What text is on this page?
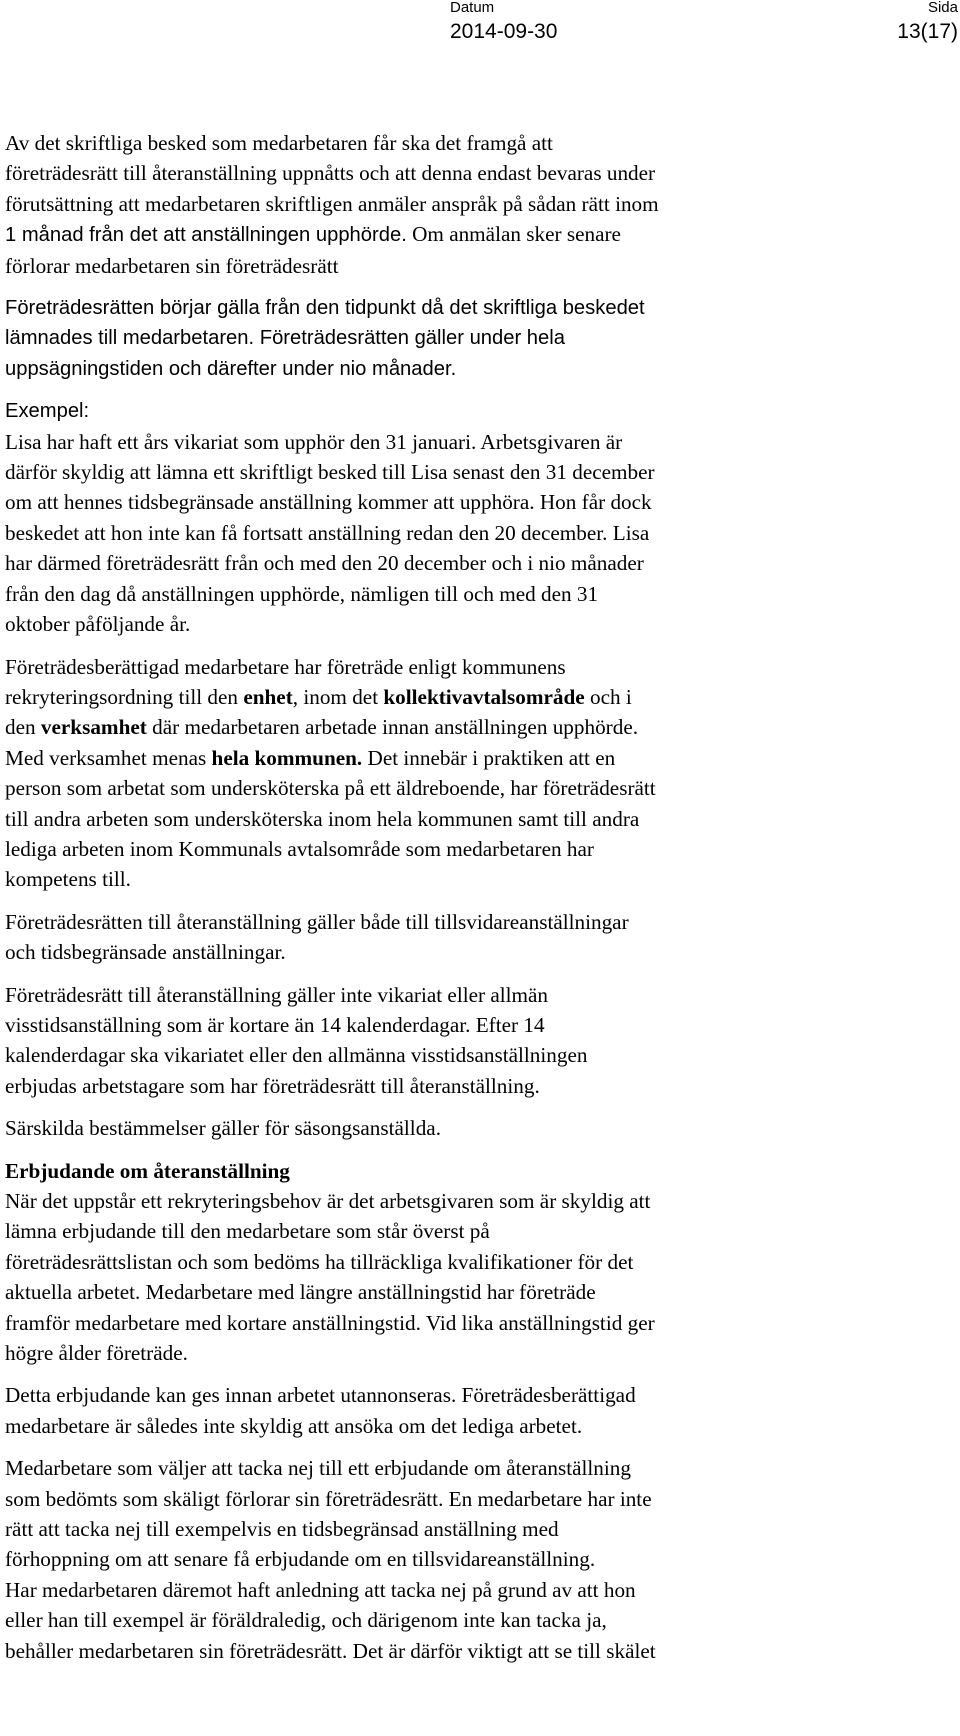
Datum
2014-09-30
Sida
13(17)
Av det skriftliga besked som medarbetaren får ska det framgå att
företrädesrätt till återanställning uppnåtts och att denna endast bevaras under
förutsättning att medarbetaren skriftligen anmäler anspråk på sådan rätt inom
1 månad från det att anställningen upphörde. Om anmälan sker senare
förlorar medarbetaren sin företrädesrätt
Företrädesrätten börjar gälla från den tidpunkt då det skriftliga beskedet
lämnades till medarbetaren. Företrädesrätten gäller under hela
uppsägningstiden och därefter under nio månader.
Exempel:
Lisa har haft ett års vikariat som upphör den 31 januari. Arbetsgivaren är
därför skyldig att lämna ett skriftligt besked till Lisa senast den 31 december
om att hennes tidsbegränsade anställning kommer att upphöra. Hon får dock
beskedet att hon inte kan få fortsatt anställning redan den 20 december. Lisa
har därmed företrädesrätt från och med den 20 december och i nio månader
från den dag då anställningen upphörde, nämligen till och med den 31
oktober påföljande år.
Företrädesberättigad medarbetare har företräde enligt kommunens
rekryteringsordning till den enhet, inom det kollektivavtalsområde och i
den verksamhet där medarbetaren arbetade innan anställningen upphörde.
Med verksamhet menas hela kommunen. Det innebär i praktiken att en
person som arbetat som undersköterska på ett äldreboende, har företrädesrätt
till andra arbeten som undersköterska inom hela kommunen samt till andra
lediga arbeten inom Kommunals avtalsområde som medarbetaren har
kompetens till.
Företrädesrätten till återanställning gäller både till tillsvidareanställningar
och tidsbegränsade anställningar.
Företrädesrätt till återanställning gäller inte vikariat eller allmän
visstidsanställning som är kortare än 14 kalenderdagar. Efter 14
kalenderdagar ska vikariatet eller den allmänna visstidsanställningen
erbjudas arbetstagare som har företrädesrätt till återanställning.
Särskilda bestämmelser gäller för säsongsanställda.
Erbjudande om återanställning
När det uppstår ett rekryteringsbehov är det arbetsgivaren som är skyldig att
lämna erbjudande till den medarbetare som står överst på
företrädesrättslistan och som bedöms ha tillräckliga kvalifikationer för det
aktuella arbetet. Medarbetare med längre anställningstid har företräde
framför medarbetare med kortare anställningstid. Vid lika anställningstid ger
högre ålder företräde.
Detta erbjudande kan ges innan arbetet utannonseras. Företrädesberättigad
medarbetare är således inte skyldig att ansöka om det lediga arbetet.
Medarbetare som väljer att tacka nej till ett erbjudande om återanställning
som bedömts som skäligt förlorar sin företrädesrätt. En medarbetare har inte
rätt att tacka nej till exempelvis en tidsbegränsad anställning med
förhoppning om att senare få erbjudande om en tillsvidareanställning.
Har medarbetaren däremot haft anledning att tacka nej på grund av att hon
eller han till exempel är föräldraledig, och därigenom inte kan tacka ja,
behåller medarbetaren sin företrädesrätt. Det är därför viktigt att se till skälet
